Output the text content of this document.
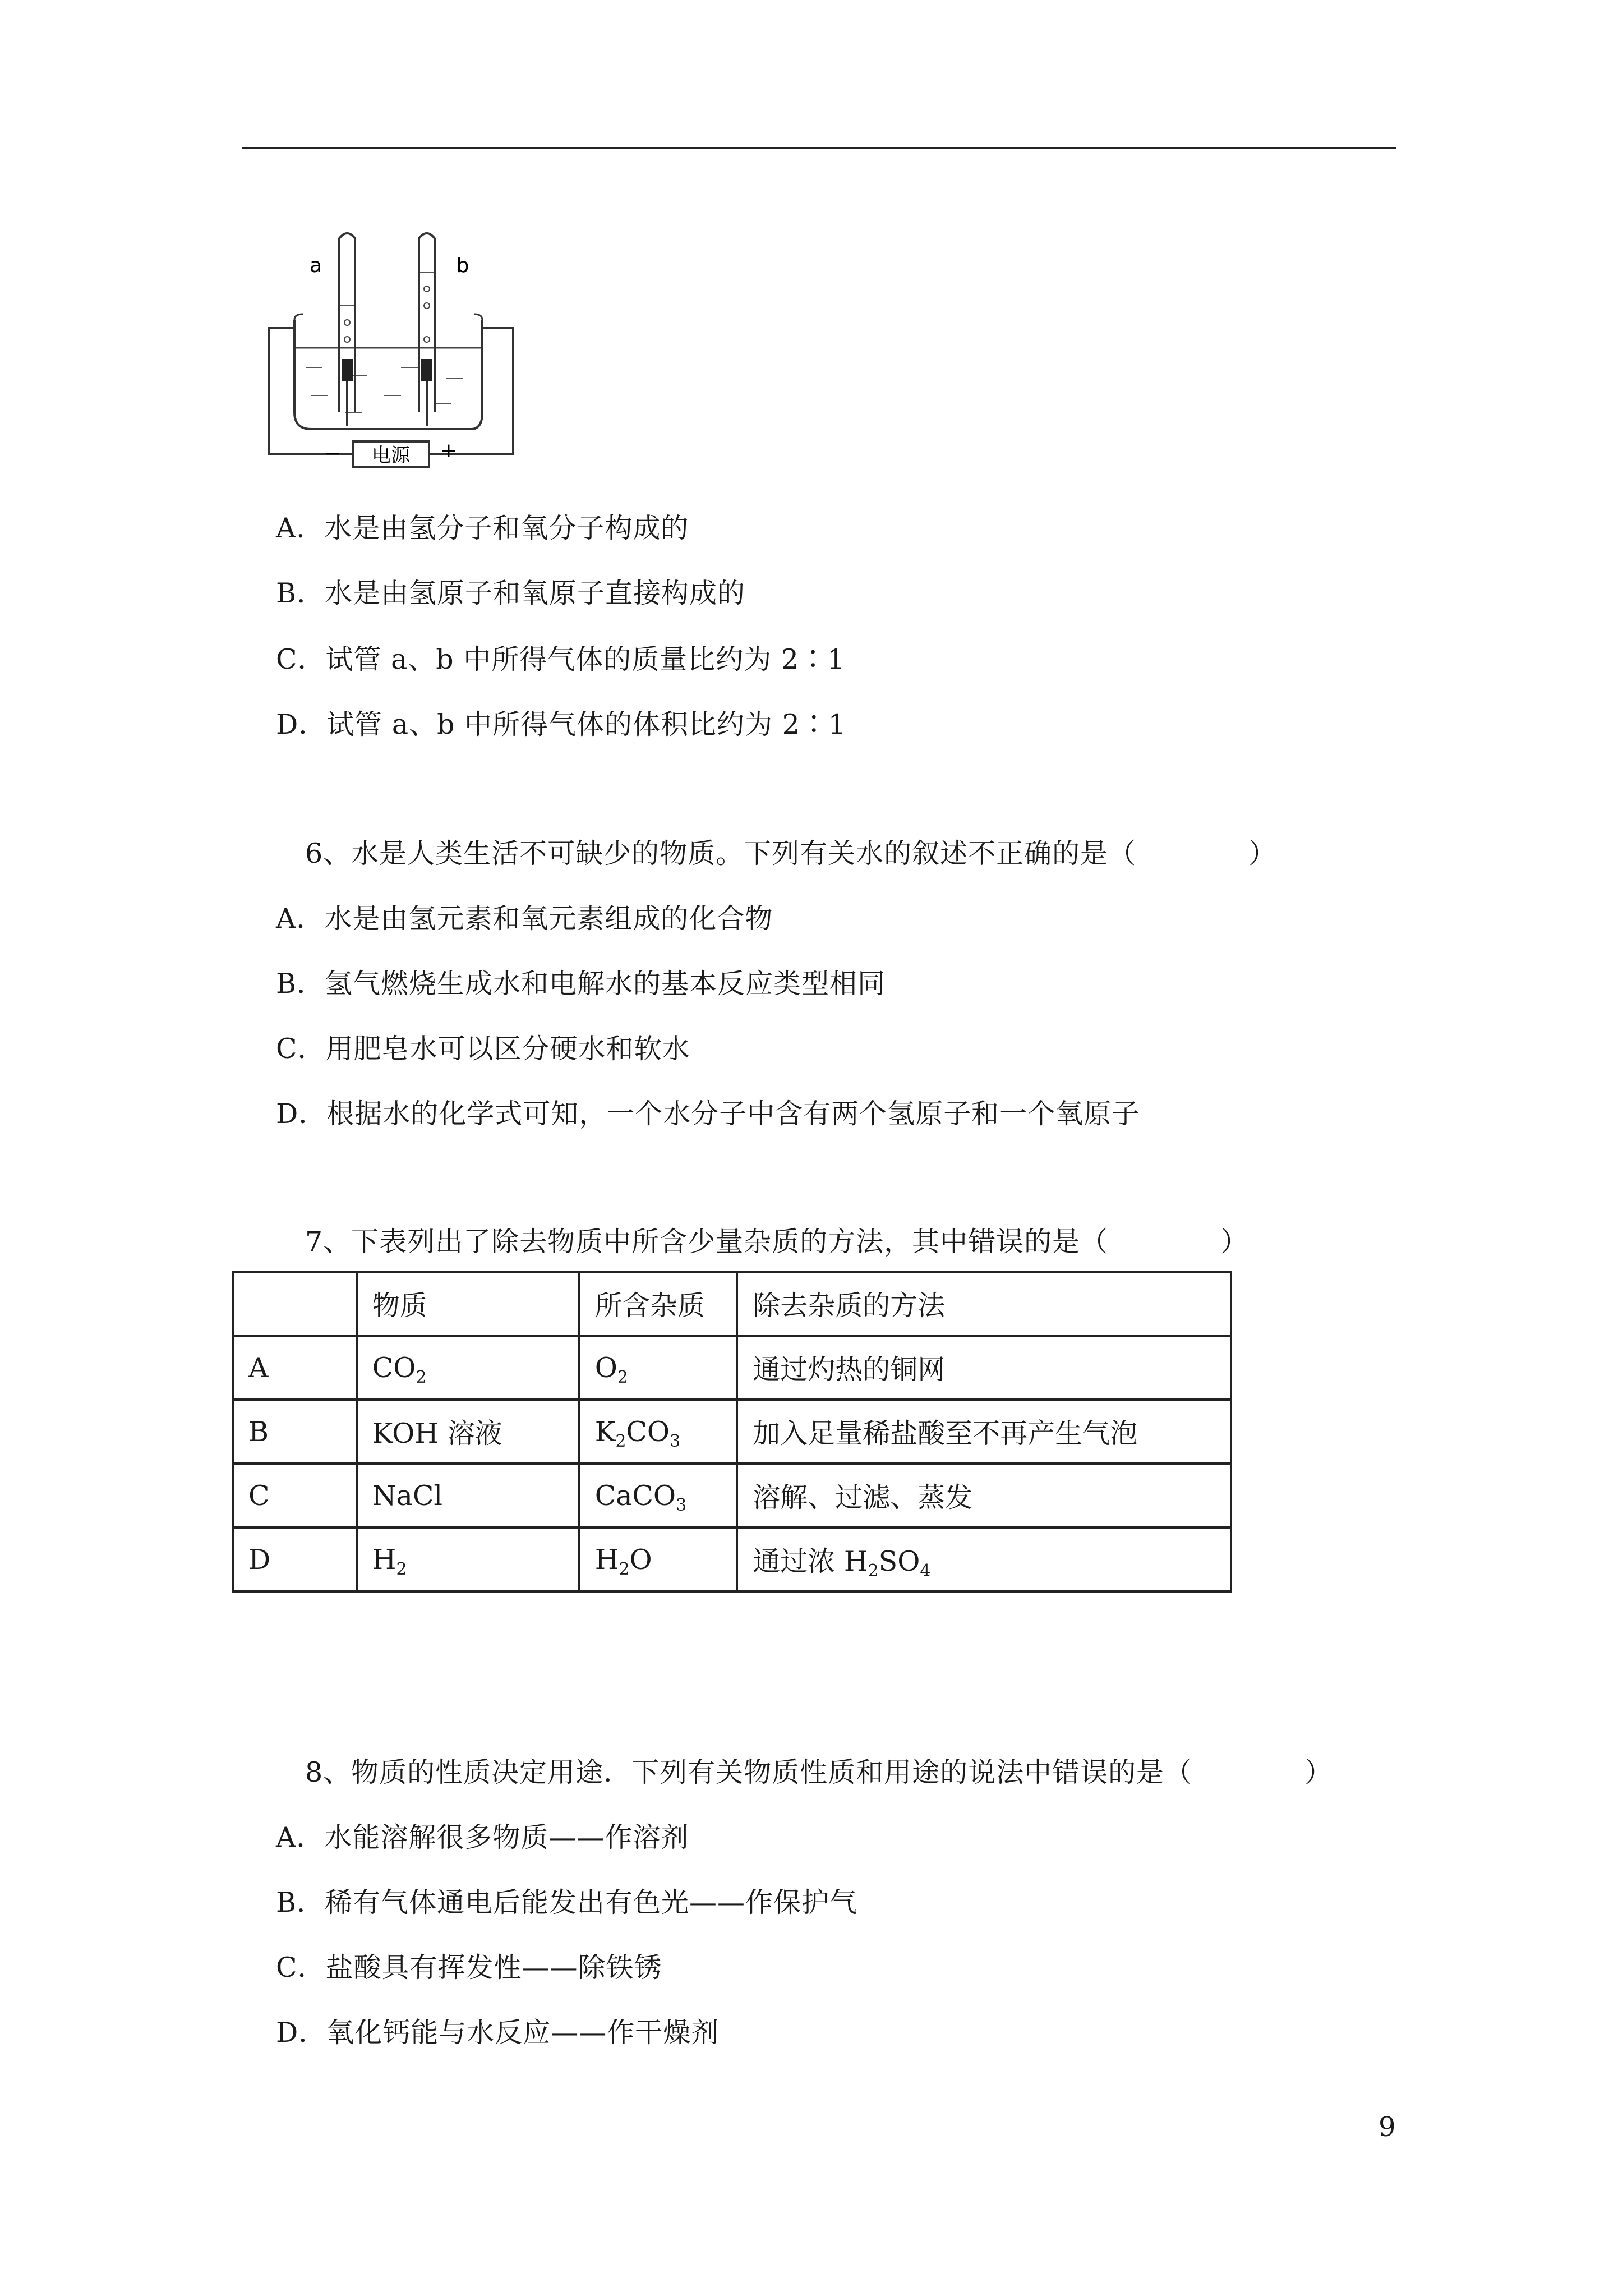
电源
−	+
a	b
A．水是由氢分子和氧分子构成的
B．水是由氢原子和氧原子直接构成的
C．试管 a、b 中所得气体的质量比约为 2∶1
D．试管 a、b 中所得气体的体积比约为 2∶1
6、水是人类生活不可缺少的物质。下列有关水的叙述不正确的是（　　　　）
A．水是由氢元素和氧元素组成的化合物
B．氢气燃烧生成水和电解水的基本反应类型相同
C．用肥皂水可以区分硬水和软水
D．根据水的化学式可知，一个水分子中含有两个氢原子和一个氧原子
7、下表列出了除去物质中所含少量杂质的方法，其中错误的是（　　　　）
	物质	所含杂质	除去杂质的方法
A	$CO_2$	$O_2$	通过灼热的铜网
B	KOH 溶液	$K_2CO_3$	加入足量稀盐酸至不再产生气泡
C	NaCl	CaCO$_3$	溶解、过滤、蒸发
D	$H_2$	$H_2O$	通过浓 $H_2SO_4$
8、物质的性质决定用途．下列有关物质性质和用途的说法中错误的是（　　　　）
A．水能溶解很多物质——作溶剂
B．稀有气体通电后能发出有色光——作保护气
C．盐酸具有挥发性——除铁锈
D．氧化钙能与水反应——作干燥剂
9
